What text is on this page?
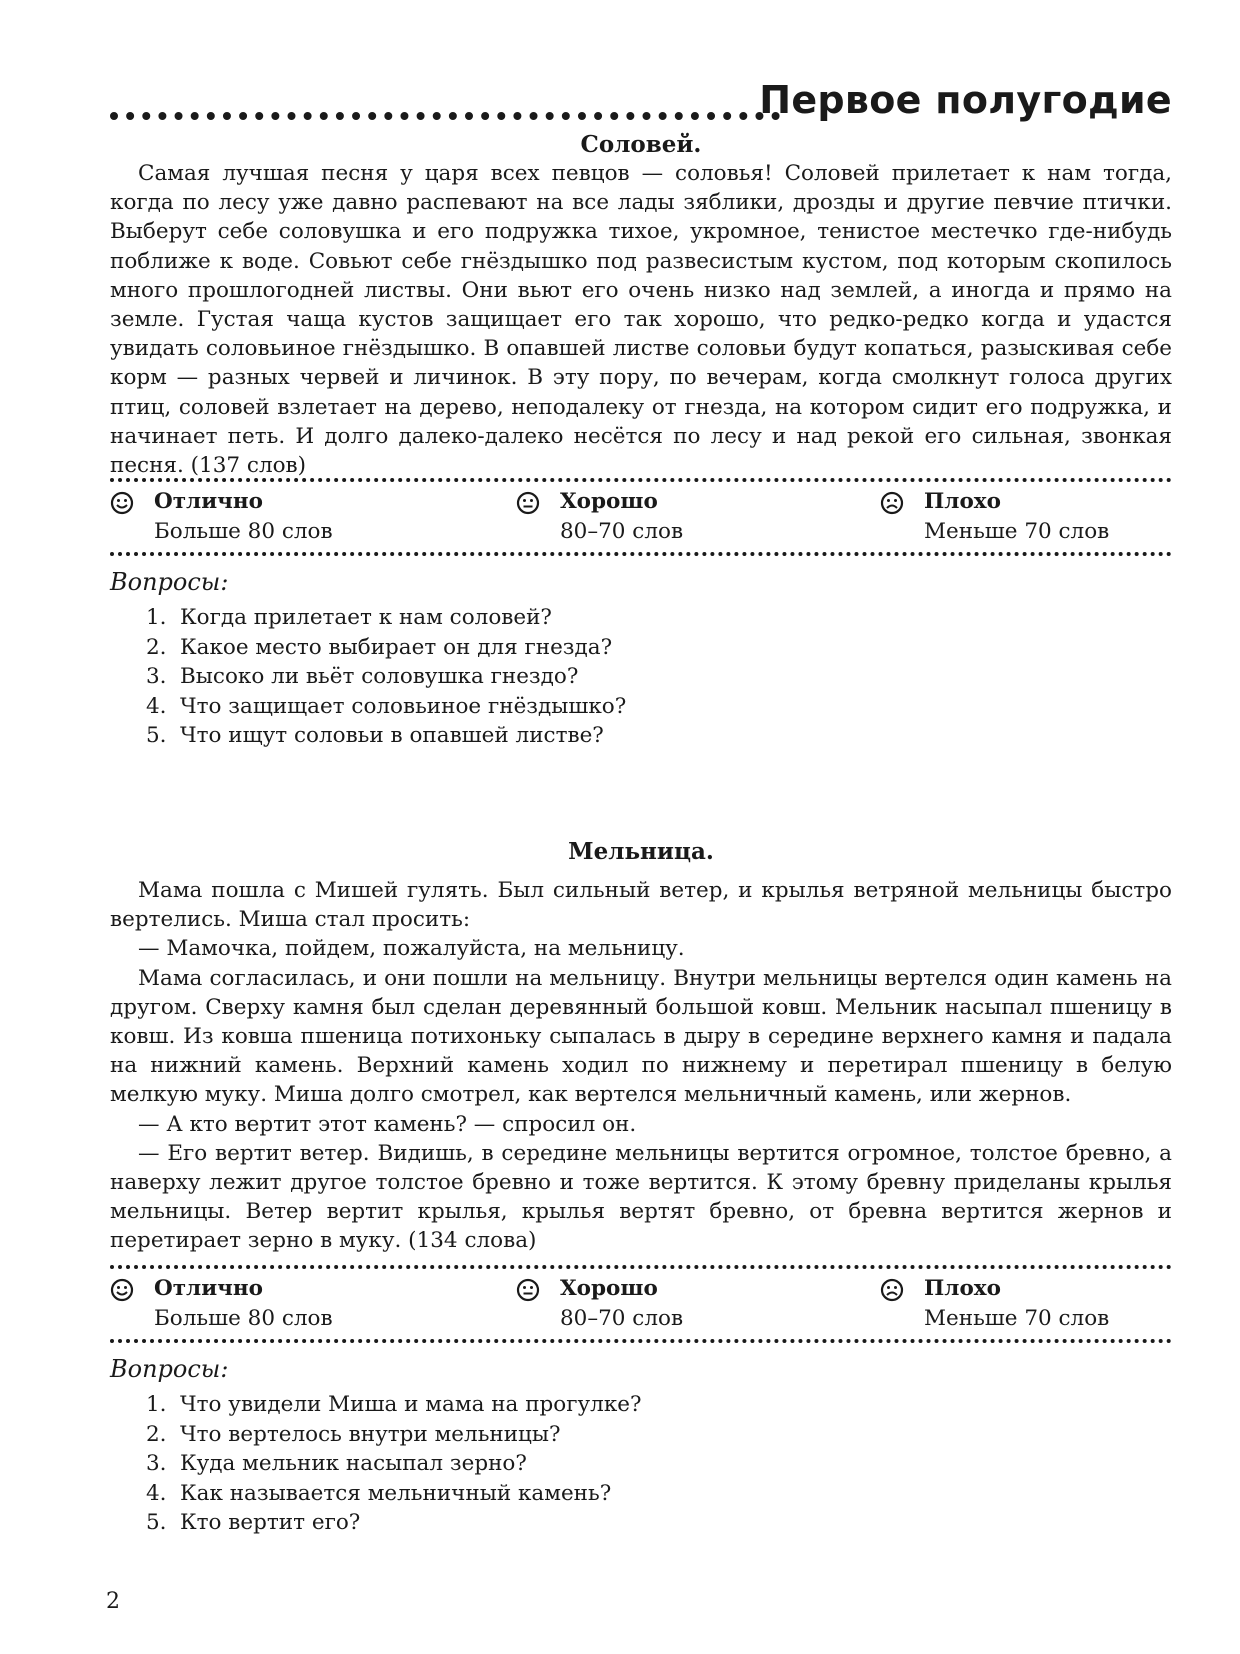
Первое полугодие
Соловей.

Самая лучшая песня у царя всех певцов — соловья! Соловей прилетает к нам тогда, когда по лесу уже давно распевают на все лады зяблики, дрозды и другие певчие птички. Выберут себе соловушка и его подружка тихое, укромное, тенистое местечко где-нибудь поближе к воде. Совьют себе гнёздышко под развесистым кустом, под которым скопилось много прошлогодней листвы. Они вьют его очень низко над землей, а иногда и прямо на земле. Густая чаща кустов защищает его так хорошо, что редко-редко когда и удастся увидать соловьиное гнёздышко. В опавшей листве соловьи будут копаться, разыскивая себе корм — разных червей и личинок. В эту пору, по вечерам, когда смолкнут голоса других птиц, соловей взлетает на дерево, неподалеку от гнезда, на котором сидит его подружка, и начинает петь. И долго далеко-далеко несётся по лесу и над рекой его сильная, звонкая песня. (137 слов)

Отлично
Больше 80 слов
Хорошо
80–70 слов
Плохо
Меньше 70 слов
Вопросы:
1. Когда прилетает к нам соловей?
2. Какое место выбирает он для гнезда?
3. Высоко ли вьёт соловушка гнездо?
4. Что защищает соловьиное гнёздышко?
5. Что ищут соловьи в опавшей листве?
Мельница.

Мама пошла с Мишей гулять. Был сильный ветер, и крылья ветряной мельницы быстро вертелись. Миша стал просить:

— Мамочка, пойдем, пожалуйста, на мельницу.

Мама согласилась, и они пошли на мельницу. Внутри мельницы вертелся один камень на другом. Сверху камня был сделан деревянный большой ковш. Мельник насыпал пшеницу в ковш. Из ковша пшеница потихоньку сыпалась в дыру в середине верхнего камня и падала на нижний камень. Верхний камень ходил по нижнему и перетирал пшеницу в белую мелкую муку. Миша долго смотрел, как вертелся мельничный камень, или жернов.

— А кто вертит этот камень? — спросил он.

— Его вертит ветер. Видишь, в середине мельницы вертится огромное, толстое бревно, а наверху лежит другое толстое бревно и тоже вертится. К этому бревну приделаны крылья мельницы. Ветер вертит крылья, крылья вертят бревно, от бревна вертится жернов и перетирает зерно в муку. (134 слова)

Отлично
Больше 80 слов
Хорошо
80–70 слов
Плохо
Меньше 70 слов
Вопросы:
1. Что увидели Миша и мама на прогулке?
2. Что вертелось внутри мельницы?
3. Куда мельник насыпал зерно?
4. Как называется мельничный камень?
5. Кто вертит его?
2
